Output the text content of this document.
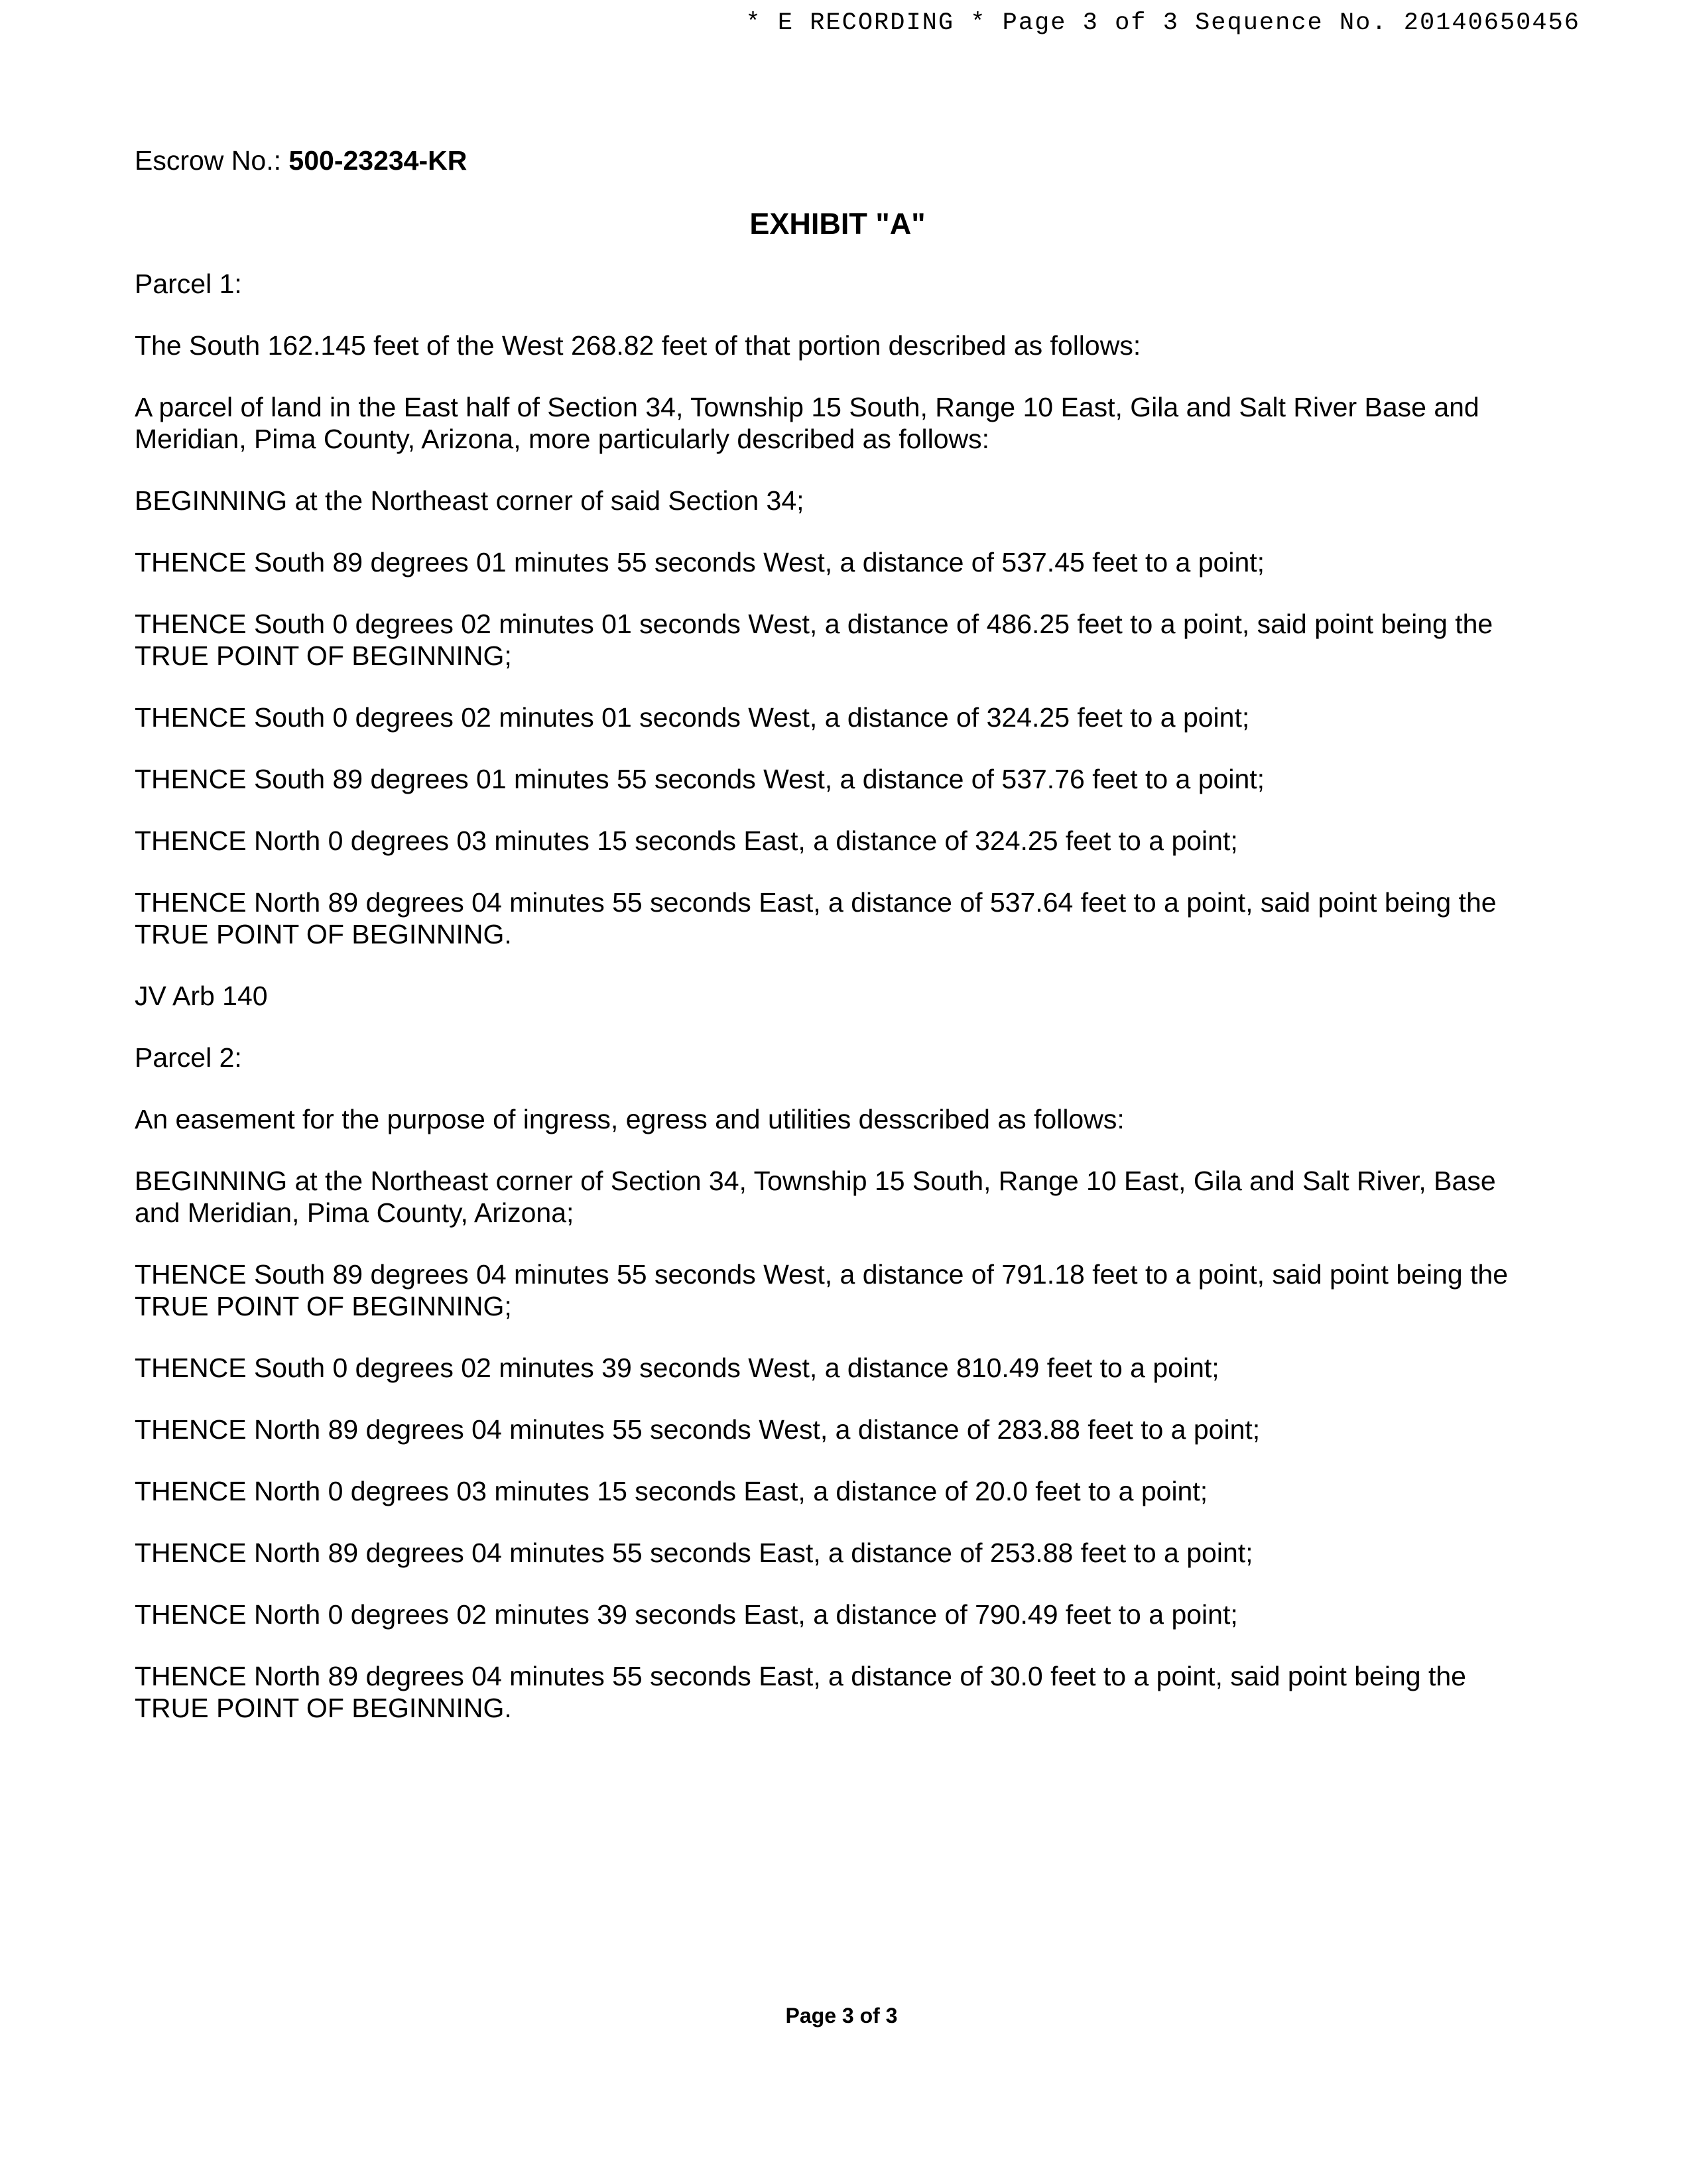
* E RECORDING * Page 3 of 3 Sequence No. 20140650456

Escrow No.: 500-23234-KR

EXHIBIT "A"

Parcel 1:

The South 162.145 feet of the West 268.82 feet of that portion described as follows:

A parcel of land in the East half of Section 34, Township 15 South, Range 10 East, Gila and Salt River Base and Meridian, Pima County, Arizona, more particularly described as follows:

BEGINNING at the Northeast corner of said Section 34;

THENCE South 89 degrees 01 minutes 55 seconds West, a distance of 537.45 feet to a point;

THENCE South 0 degrees 02 minutes 01 seconds West, a distance of 486.25 feet to a point, said point being the TRUE POINT OF BEGINNING;

THENCE South 0 degrees 02 minutes 01 seconds West, a distance of 324.25 feet to a point;

THENCE South 89 degrees 01 minutes 55 seconds West, a distance of 537.76 feet to a point;

THENCE North 0 degrees 03 minutes 15 seconds East, a distance of 324.25 feet to a point;

THENCE North 89 degrees 04 minutes 55 seconds East, a distance of 537.64 feet to a point, said point being the TRUE POINT OF BEGINNING.

JV Arb 140

Parcel 2:

An easement for the purpose of ingress, egress and utilities desscribed as follows:

BEGINNING at the Northeast corner of Section 34, Township 15 South, Range 10 East, Gila and Salt River, Base and Meridian, Pima County, Arizona;

THENCE South 89 degrees 04 minutes 55 seconds West, a distance of 791.18 feet to a point, said point being the TRUE POINT OF BEGINNING;

THENCE South 0 degrees 02 minutes 39 seconds West, a distance 810.49 feet to a point;

THENCE North 89 degrees 04 minutes 55 seconds West, a distance of 283.88 feet to a point;

THENCE North 0 degrees 03 minutes 15 seconds East, a distance of 20.0 feet to a point;

THENCE North 89 degrees 04 minutes 55 seconds East, a distance of 253.88 feet to a point;

THENCE North 0 degrees 02 minutes 39 seconds East, a distance of 790.49 feet to a point;

THENCE North 89 degrees 04 minutes 55 seconds East, a distance of 30.0 feet to a point, said point being the TRUE POINT OF BEGINNING.

Page 3 of 3
